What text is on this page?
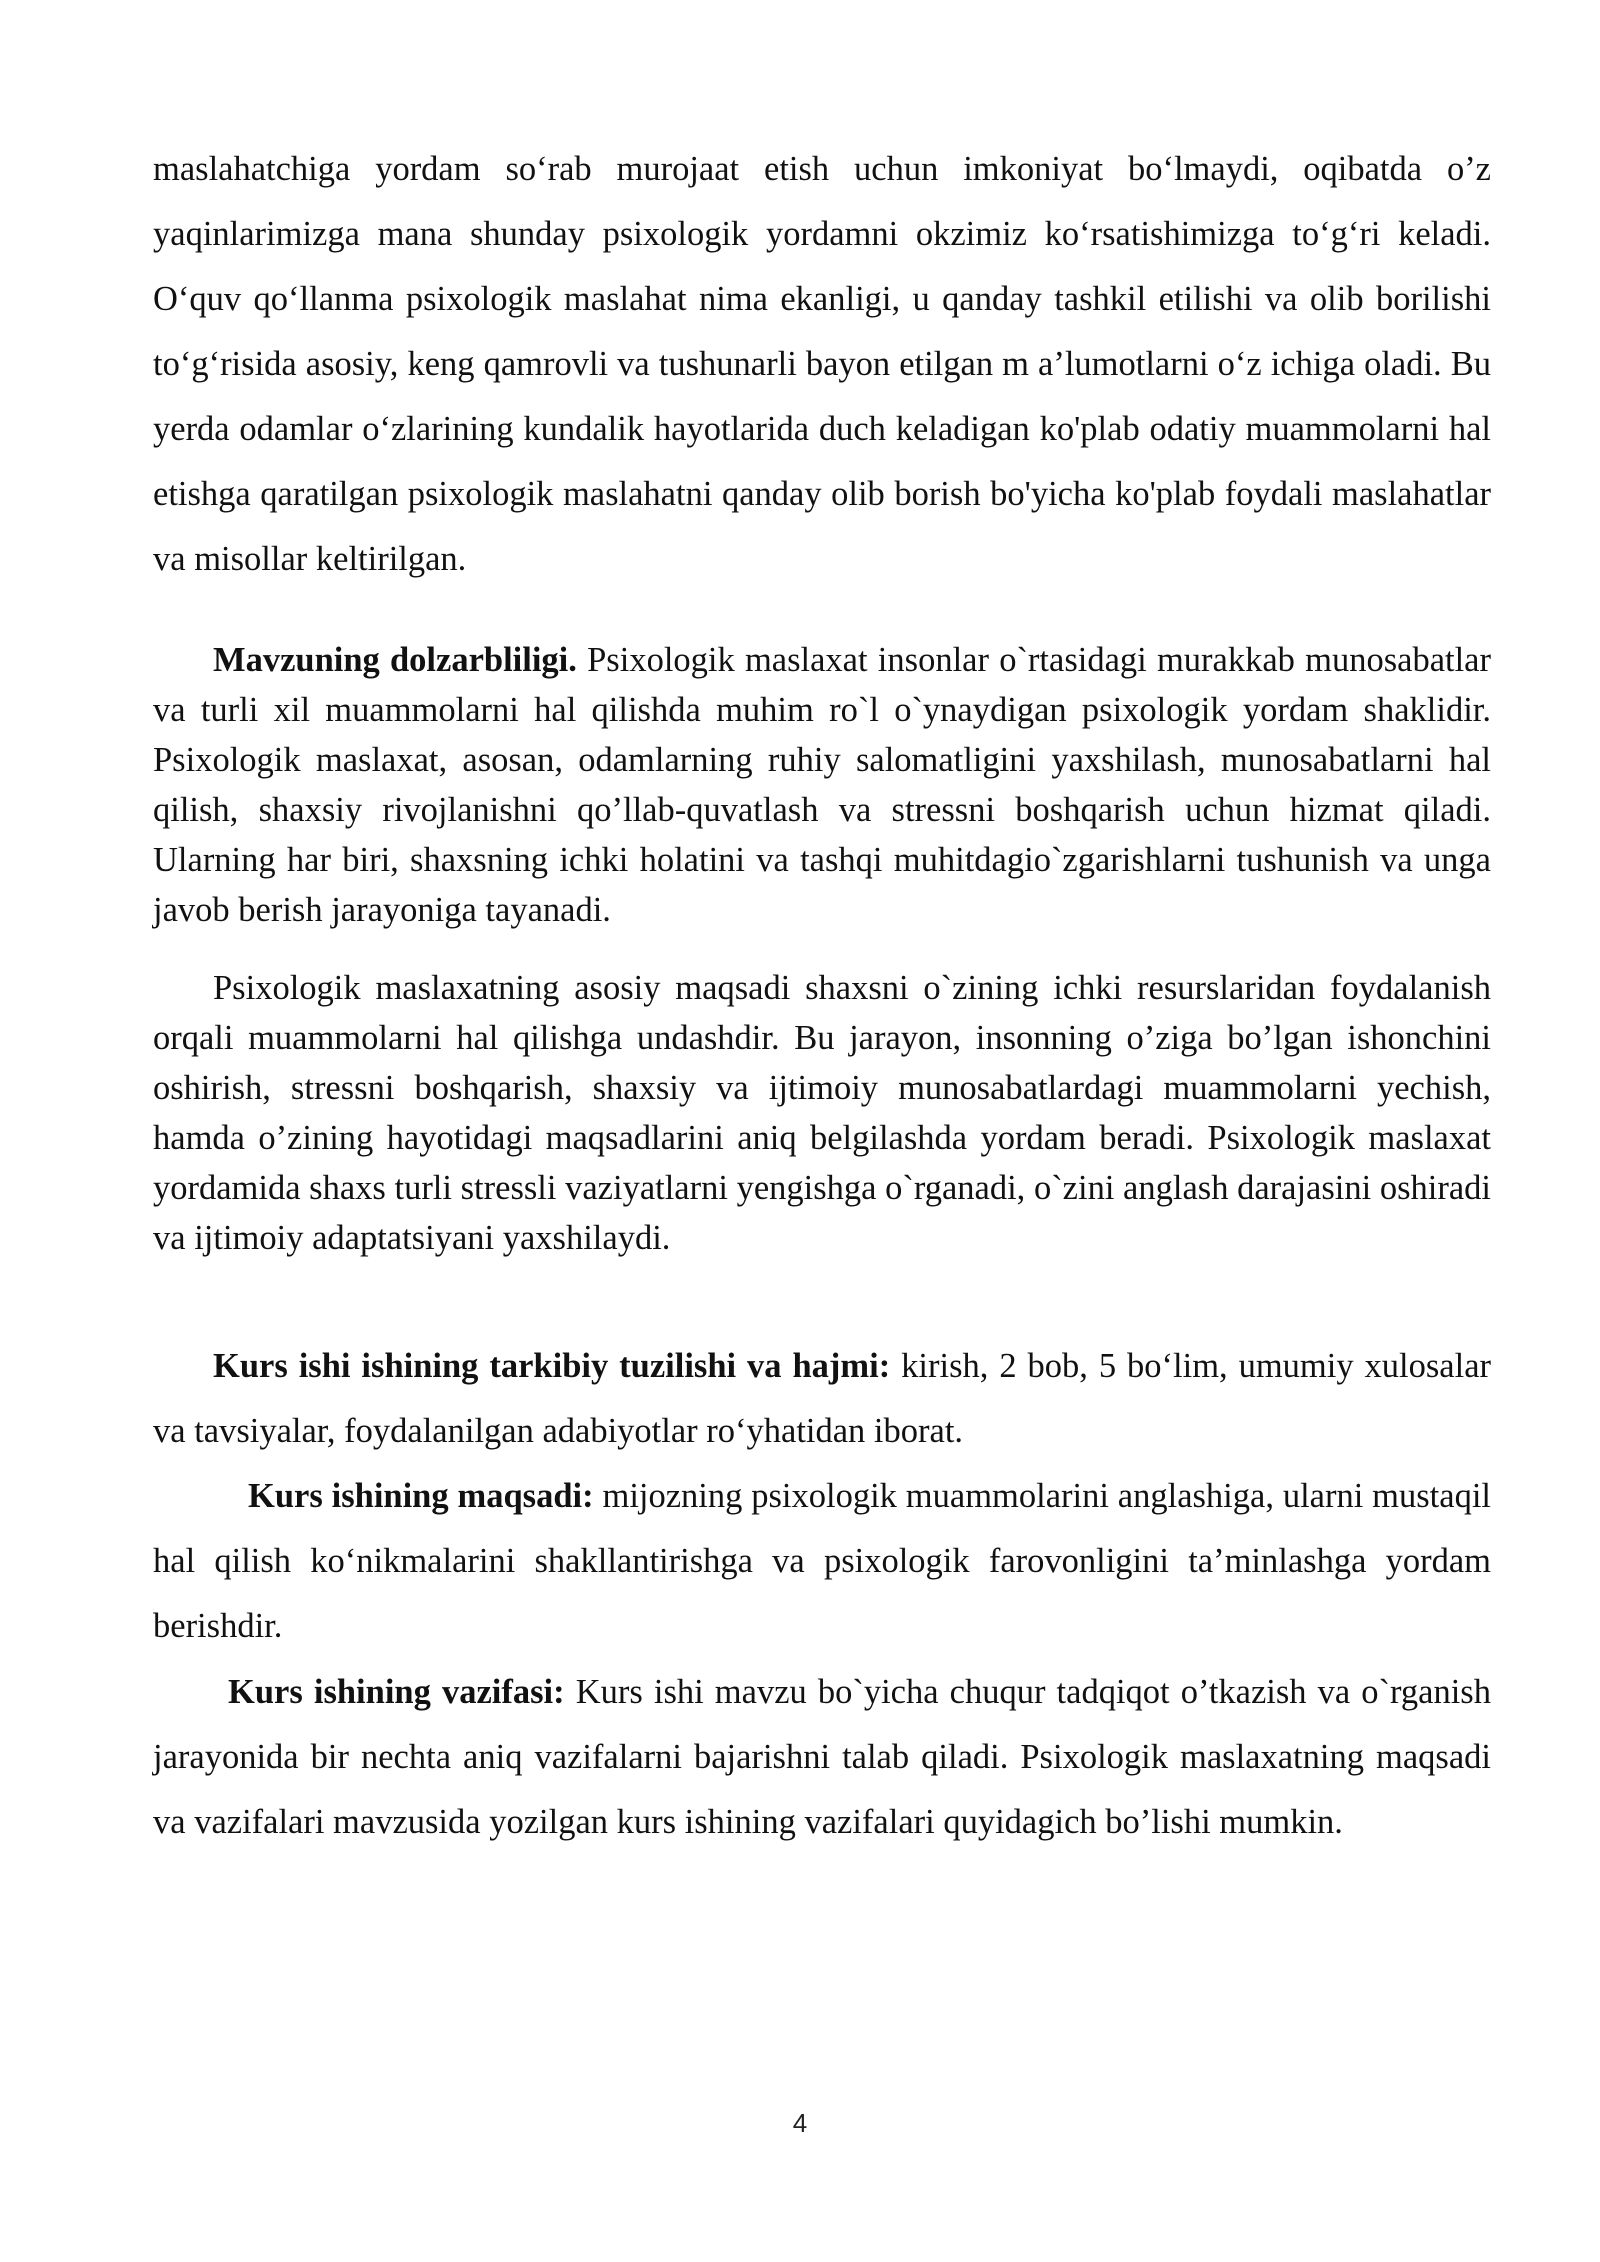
maslahatchiga yordam so‘rab murojaat etish uchun imkoniyat bo‘lmaydi, oqibatda o’z yaqinlarimizga mana shunday psixologik yordamni okzimiz ko‘rsatishimizga to‘g‘ri keladi. O‘quv qo‘llanma psixologik maslahat nima ekanligi, u qanday tashkil etilishi va olib borilishi to‘g‘risida asosiy, keng qamrovli va tushunarli bayon etilgan m a’lumotlarni o‘z ichiga oladi. Bu yerda odamlar o‘zlarining kundalik hayotlarida duch keladigan ko'plab odatiy muammolarni hal etishga qaratilgan psixologik maslahatni qanday olib borish bo'yicha ko'plab foydali maslahatlar va misollar keltirilgan.

Mavzuning dolzarbliligi. Psixologik maslaxat insonlar o`rtasidagi murakkab munosabatlar va turli xil muammolarni hal qilishda muhim ro`l o`ynaydigan psixologik yordam shaklidir. Psixologik maslaxat, asosan, odamlarning ruhiy salomatligini yaxshilash, munosabatlarni hal qilish, shaxsiy rivojlanishni qo’llab-quvatlash va stressni boshqarish uchun hizmat qiladi. Ularning har biri, shaxsning ichki holatini va tashqi muhitdagio`zgarishlarni tushunish va unga javob berish jarayoniga tayanadi.

Psixologik maslaxatning asosiy maqsadi shaxsni o`zining ichki resurslaridan foydalanish orqali muammolarni hal qilishga undashdir. Bu jarayon, insonning o’ziga bo’lgan ishonchini oshirish, stressni boshqarish, shaxsiy va ijtimoiy munosabatlardagi muammolarni yechish, hamda o’zining hayotidagi maqsadlarini aniq belgilashda yordam beradi. Psixologik maslaxat yordamida shaxs turli stressli vaziyatlarni yengishga o`rganadi, o`zini anglash darajasini oshiradi va ijtimoiy adaptatsiyani yaxshilaydi.

Kurs ishi ishining tarkibiy tuzilishi va hajmi: kirish, 2 bob, 5 bo‘lim, umumiy xulosalar va tavsiyalar, foydalanilgan adabiyotlar ro‘yhatidan iborat.

Kurs ishining maqsadi: mijozning psixologik muammolarini anglashiga, ularni mustaqil hal qilish ko‘nikmalarini shakllantirishga va psixologik farovonligini ta’minlashga yordam berishdir.

Kurs ishining vazifasi: Kurs ishi mavzu bo`yicha chuqur tadqiqot o’tkazish va o`rganish jarayonida bir nechta aniq vazifalarni bajarishni talab qiladi. Psixologik maslaxatning maqsadi va vazifalari mavzusida yozilgan kurs ishining vazifalari quyidagich bo’lishi mumkin.

4
